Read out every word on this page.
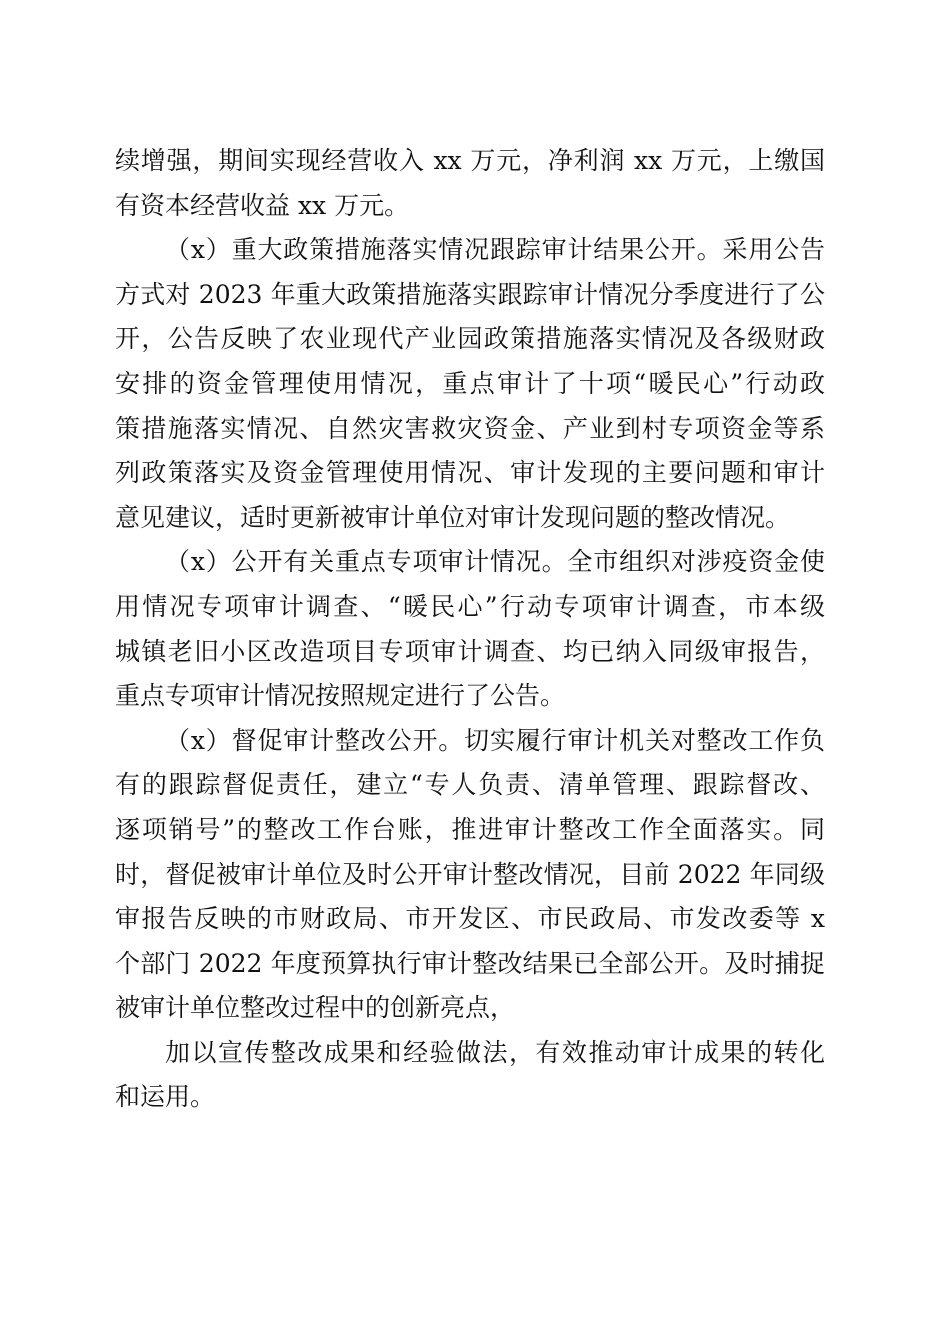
续增强，期间实现经营收入 xx 万元，净利润 xx 万元，上缴国
有资本经营收益 xx 万元。
（x）重大政策措施落实情况跟踪审计结果公开。采用公告
方式对 2023 年重大政策措施落实跟踪审计情况分季度进行了公
开，公告反映了农业现代产业园政策措施落实情况及各级财政
安排的资金管理使用情况，重点审计了十项“暖民心”行动政
策措施落实情况、自然灾害救灾资金、产业到村专项资金等系
列政策落实及资金管理使用情况、审计发现的主要问题和审计
意见建议，适时更新被审计单位对审计发现问题的整改情况。
（x）公开有关重点专项审计情况。全市组织对涉疫资金使
用情况专项审计调查、“暖民心”行动专项审计调查，市本级
城镇老旧小区改造项目专项审计调查、均已纳入同级审报告，
重点专项审计情况按照规定进行了公告。
（x）督促审计整改公开。切实履行审计机关对整改工作负
有的跟踪督促责任，建立“专人负责、清单管理、跟踪督改、
逐项销号”的整改工作台账，推进审计整改工作全面落实。同
时，督促被审计单位及时公开审计整改情况，目前 2022 年同级
审报告反映的市财政局、市开发区、市民政局、市发改委等 x
个部门 2022 年度预算执行审计整改结果已全部公开。及时捕捉
被审计单位整改过程中的创新亮点，
加以宣传整改成果和经验做法，有效推动审计成果的转化
和运用。
